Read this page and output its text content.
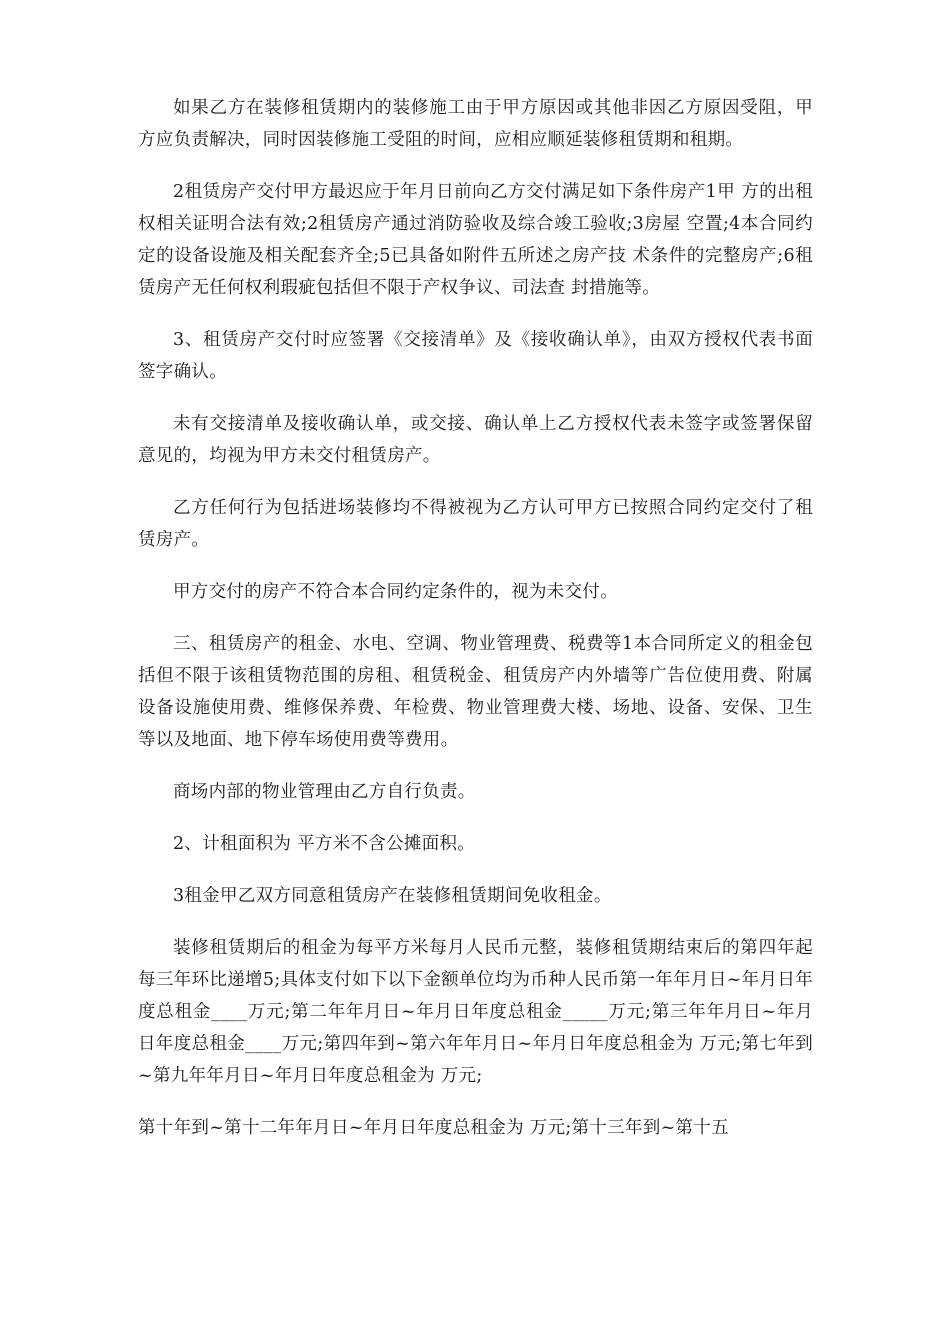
如果乙方在装修租赁期内的装修施工由于甲方原因或其他非因乙方原因受阻，甲方应负责解决，同时因装修施工受阻的时间，应相应顺延装修租赁期和租期。

2租赁房产交付甲方最迟应于年月日前向乙方交付满足如下条件房产1甲 方的出租权相关证明合法有效;2租赁房产通过消防验收及综合竣工验收;3房屋 空置;4本合同约定的设备设施及相关配套齐全;5已具备如附件五所述之房产技 术条件的完整房产;6租赁房产无任何权利瑕疵包括但不限于产权争议、司法查 封措施等。

3、租赁房产交付时应签署《交接清单》及《接收确认单》，由双方授权代表书面签字确认。

未有交接清单及接收确认单，或交接、确认单上乙方授权代表未签字或签署保留意见的，均视为甲方未交付租赁房产。

乙方任何行为包括进场装修均不得被视为乙方认可甲方已按照合同约定交付了租赁房产。

甲方交付的房产不符合本合同约定条件的，视为未交付。

三、租赁房产的租金、水电、空调、物业管理费、税费等1本合同所定义的租金包括但不限于该租赁物范围的房租、租赁税金、租赁房产内外墙等广告位使用费、附属设备设施使用费、维修保养费、年检费、物业管理费大楼、场地、设备、安保、卫生等以及地面、地下停车场使用费等费用。

商场内部的物业管理由乙方自行负责。

2、计租面积为 平方米不含公摊面积。

3租金甲乙双方同意租赁房产在装修租赁期间免收租金。

装修租赁期后的租金为每平方米每月人民币元整，装修租赁期结束后的第四年起每三年环比递增5;具体支付如下以下金额单位均为币种人民币第一年年月日~年月日年度总租金____万元;第二年年月日~年月日年度总租金_____万元;第三年年月日~年月日年度总租金____万元;第四年到~第六年年月日~年月日年度总租金为 万元;第七年到~第九年年月日~年月日年度总租金为 万元;

第十年到~第十二年年月日~年月日年度总租金为 万元;第十三年到~第十五
